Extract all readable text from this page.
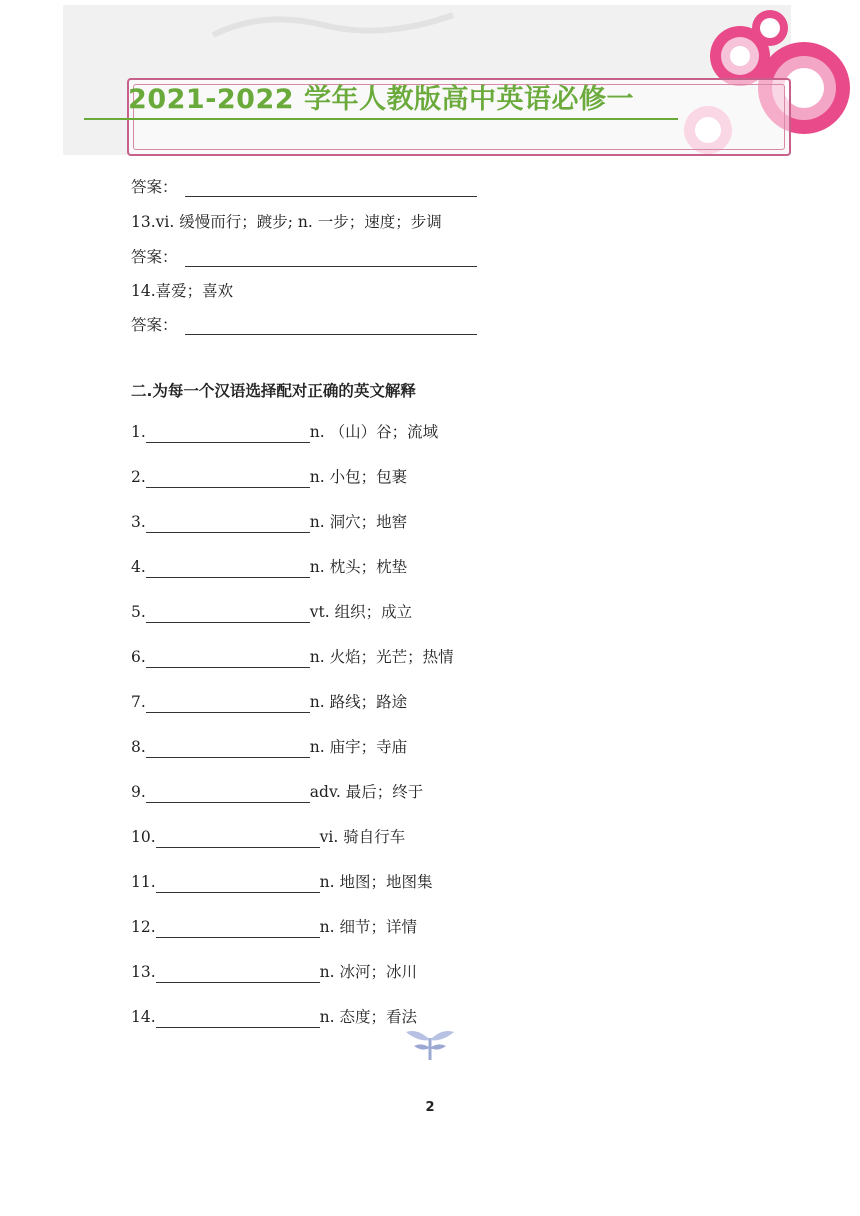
2021-2022 学年人教版高中英语必修一
答案：
13.vi. 缓慢而行；踱步; n. 一步；速度；步调
答案：
14.喜爱；喜欢
答案：
二.为每一个汉语选择配对正确的英文解释
1.	n. （山）谷；流域
2.	n. 小包；包裹
3.	n. 洞穴；地窖
4.	n. 枕头；枕垫
5.	vt. 组织；成立
6.	n. 火焰；光芒；热情
7.	n. 路线；路途
8.	n. 庙宇；寺庙
9.	adv. 最后；终于
10.	vi. 骑自行车
11.	n. 地图；地图集
12.	n. 细节；详情
13.	n. 冰河；冰川
14.	n. 态度；看法
2
